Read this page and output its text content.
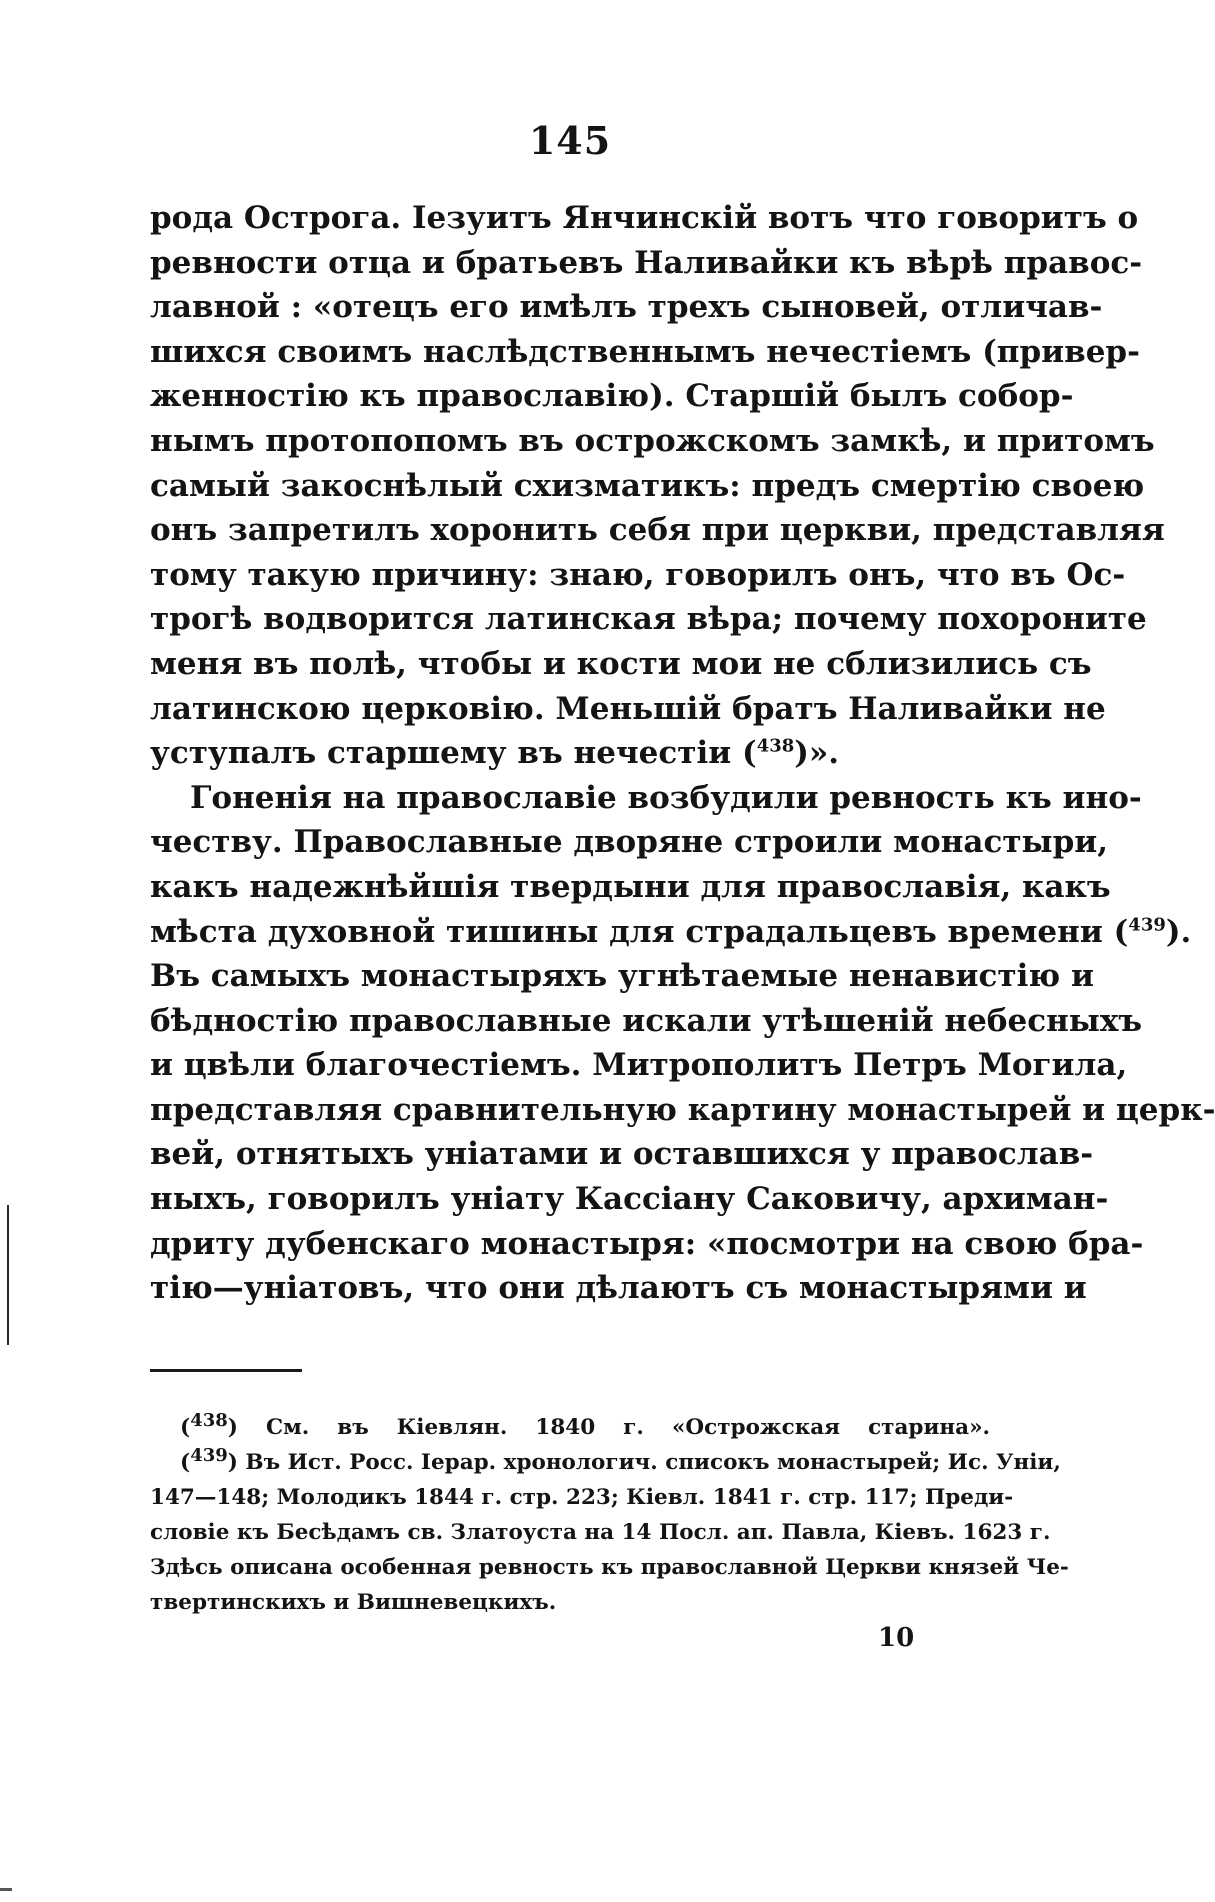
145
рода Острога. Iезуитъ Янчинскiй вотъ что говоритъ о
ревности отца и братьевъ Наливайки къ вѣрѣ правос-
лавной : «отецъ его имѣлъ трехъ сыновей, отличав-
шихся своимъ наслѣдственнымъ нечестiемъ (привер-
женностiю къ православiю). Старшiй былъ собор-
нымъ протопопомъ въ острожскомъ замкѣ, и притомъ
самый закоснѣлый схизматикъ: предъ смертiю своею
онъ запретилъ хоронить себя при церкви, представляя
тому такую причину: знаю, говорилъ онъ, что въ Ос-
трогѣ водворится латинская вѣра; почему похороните
меня въ полѣ, чтобы и кости мои не сблизились съ
латинскою церковiю. Меньшiй братъ Наливайки не
уступалъ старшему въ нечестiи ($^{438}$)».
Гоненiя на православiе возбудили ревность къ ино-
честву. Православные дворяне строили монастыри,
какъ надежнѣйшiя твердыни для православiя, какъ
мѣста духовной тишины для страдальцевъ времени ($^{439}$).
Въ самыхъ монастыряхъ угнѣтаемые ненавистiю и
бѣдностiю православные искали утѣшенiй небесныхъ
и цвѣли благочестiемъ. Митрополитъ Петръ Могила,
представляя сравнительную картину монастырей и церк-
вей, отнятыхъ унiатами и оставшихся у православ-
ныхъ, говорилъ унiату Кассiану Саковичу, архиман-
дриту дубенскаго монастыря: «посмотри на свою бра-
тiю—унiатовъ, что они дѣлаютъ съ монастырями и
($^{438}$) См. въ Кiевлян. 1840 г. «Острожская старина».
($^{439}$) Въ Ист. Росс. Iерар. хронологич. списокъ монастырей; Ис. Унiи,
147—148; Молодикъ 1844 г. стр. 223; Кiевл. 1841 г. стр. 117; Преди-
словiе къ Бесѣдамъ св. Златоуста на 14 Посл. ап. Павла, Кiевъ. 1623 г.
Здѣсь описана особенная ревность къ православной Церкви князей Чe-
твертинскихъ и Вишневецкихъ.
10
